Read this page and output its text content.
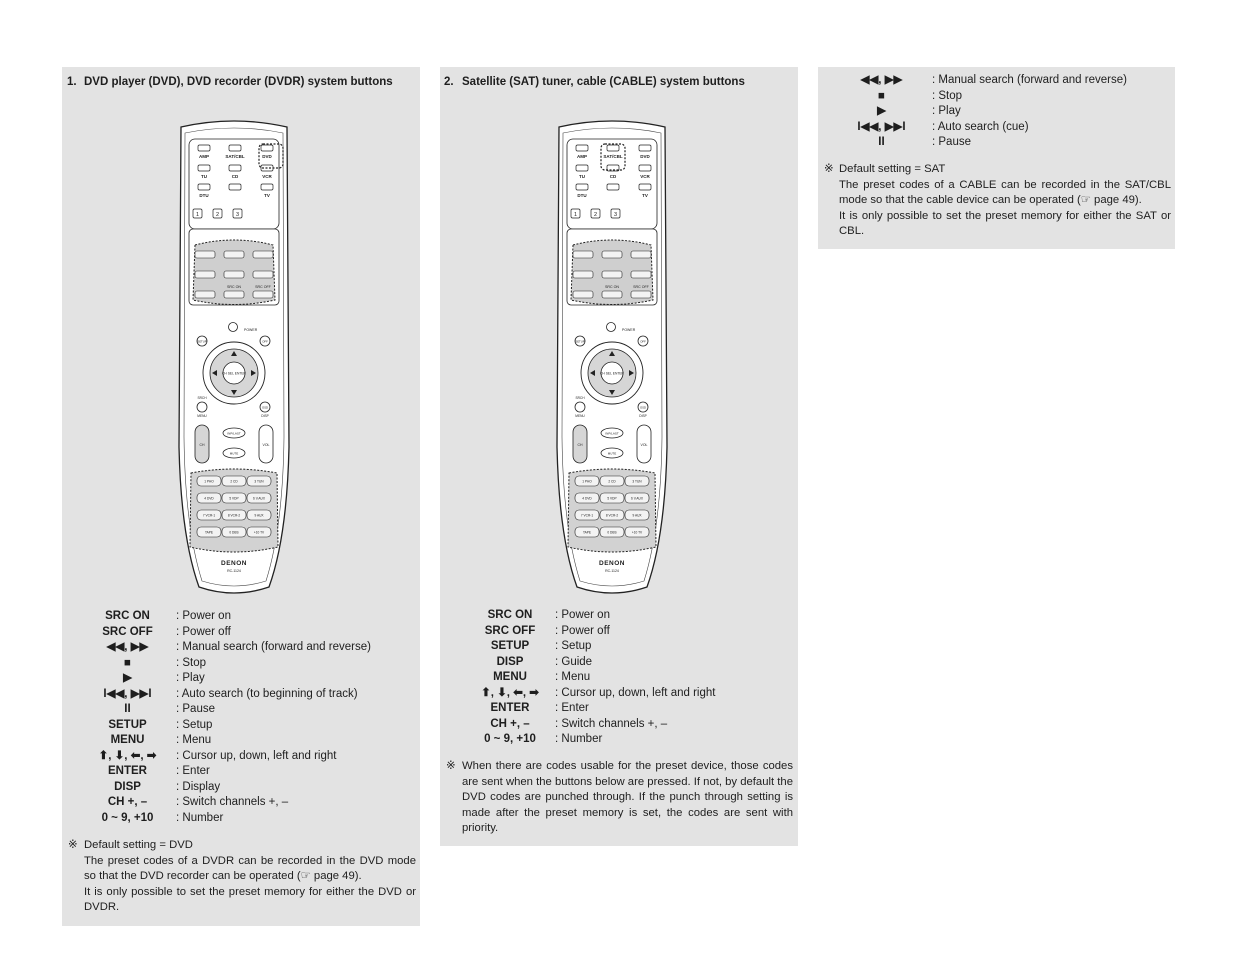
1. DVD player (DVD), DVD recorder (DVDR) system buttons
AMP	SAT/CBL	DVD
TU	CD	VCR
DTU	TV
1	2	3
SRC ON	SRC OFF
POWER
SETUP	OFF
CH SEL ENTER
MENU
SRCH
OSD
DISP
CH	VOL
INP/LAST
MUTE
1 PHO	2 CD	3 TUN
4 DVD	5 VDP	6 V.AUX
7 VCR-1	8 VCR-2	9 AUX
TAPE	0 DBS	+10 TV
DENON
RC-1124
SRC ON	: Power on
SRC OFF	: Power off
◀◀, ▶▶	: Manual search (forward and reverse)
■	: Stop
▶	: Play
I◀◀, ▶▶I	: Auto search (to beginning of track)
II	: Pause
SETUP	: Setup
MENU	: Menu
⬆, ⬇, ⬅, ➡	: Cursor up, down, left and right
ENTER	: Enter
DISP	: Display
CH +, –	: Switch channels +, –
0 ~ 9, +10	: Number
※ Default setting = DVD
The preset codes of a DVDR can be recorded in the DVD mode so that the DVD recorder can be operated (☞ page 49).
It is only possible to set the preset memory for either the DVD or DVDR.
2. Satellite (SAT) tuner, cable (CABLE) system buttons
AMP	SAT/CBL	DVD
TU	CD	VCR
DTU	TV
1	2	3
SRC ON	SRC OFF
POWER
SETUP	OFF
CH SEL ENTER
MENU
SRCH
OSD
DISP
CH	VOL
INP/LAST
MUTE
1 PHO	2 CD	3 TUN
4 DVD	5 VDP	6 V.AUX
7 VCR-1	8 VCR-2	9 AUX
TAPE	0 DBS	+10 TV
DENON
RC-1124
SRC ON	: Power on
SRC OFF	: Power off
SETUP	: Setup
DISP	: Guide
MENU	: Menu
⬆, ⬇, ⬅, ➡	: Cursor up, down, left and right
ENTER	: Enter
CH +, –	: Switch channels +, –
0 ~ 9, +10	: Number
※ When there are codes usable for the preset device, those codes are sent when the buttons below are pressed. If not, by default the DVD codes are punched through. If the punch through setting is made after the preset memory is set, the codes are sent with priority.
◀◀, ▶▶	: Manual search (forward and reverse)
■	: Stop
▶	: Play
I◀◀, ▶▶I	: Auto search (cue)
II	: Pause
※ Default setting = SAT
The preset codes of a CABLE can be recorded in the SAT/CBL mode so that the cable device can be operated (☞ page 49).
It is only possible to set the preset memory for either the SAT or CBL.
